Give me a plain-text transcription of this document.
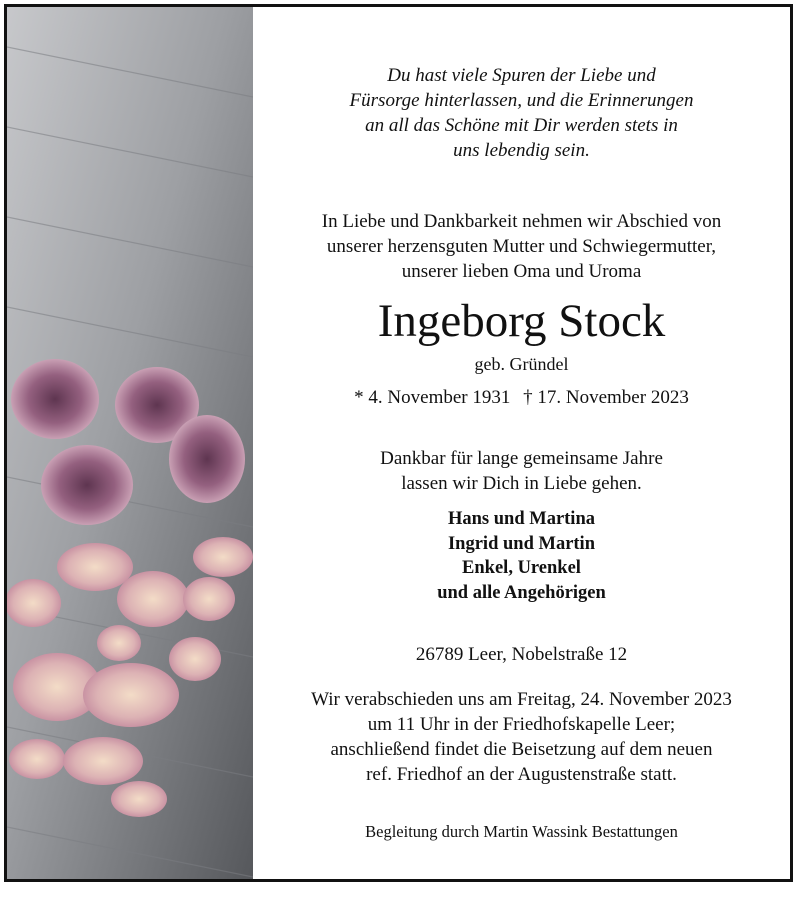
Du hast viele Spuren der Liebe und
Fürsorge hinterlassen, und die Erinnerungen
an all das Schöne mit Dir werden stets in
uns lebendig sein.
In Liebe und Dankbarkeit nehmen wir Abschied von
unserer herzensguten Mutter und Schwiegermutter,
unserer lieben Oma und Uroma
Ingeborg Stock
geb. Gründel
* 4. November 1931 † 17. November 2023
Dankbar für lange gemeinsame Jahre
lassen wir Dich in Liebe gehen.
Hans und Martina
Ingrid und Martin
Enkel, Urenkel
und alle Angehörigen
26789 Leer, Nobelstraße 12
Wir verabschieden uns am Freitag, 24. November 2023
um 11 Uhr in der Friedhofskapelle Leer;
anschließend findet die Beisetzung auf dem neuen
ref. Friedhof an der Augustenstraße statt.
Begleitung durch Martin Wassink Bestattungen
